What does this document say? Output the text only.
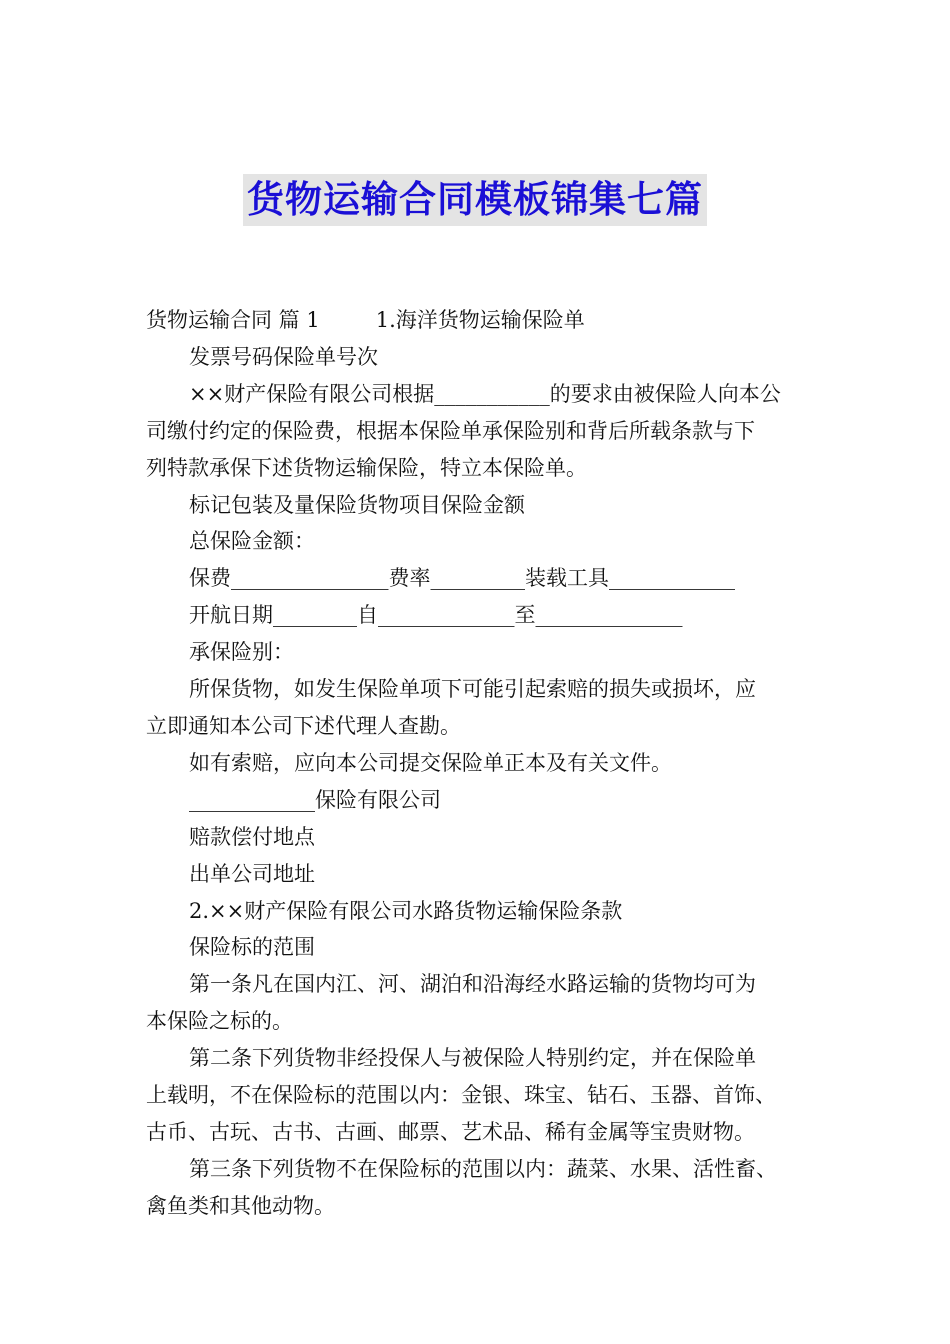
货物运输合同模板锦集七篇

货物运输合同 篇 1	1.海洋货物运输保险单

发票号码保险单号次

××财产保险有限公司根据___________的要求由被保险人向本公

司缴付约定的保险费，根据本保险单承保险别和背后所载条款与下

列特款承保下述货物运输保险，特立本保险单。

标记包装及量保险货物项目保险金额

总保险金额：

保费_______________费率_________装载工具____________

开航日期________自_____________至______________

承保险别：

所保货物，如发生保险单项下可能引起索赔的损失或损坏，应

立即通知本公司下述代理人查勘。

如有索赔，应向本公司提交保险单正本及有关文件。

____________保险有限公司

赔款偿付地点

出单公司地址

2.××财产保险有限公司水路货物运输保险条款

保险标的范围

第一条凡在国内江、河、湖泊和沿海经水路运输的货物均可为

本保险之标的。

第二条下列货物非经投保人与被保险人特别约定，并在保险单

上载明，不在保险标的范围以内：金银、珠宝、钻石、玉器、首饰、

古币、古玩、古书、古画、邮票、艺术品、稀有金属等宝贵财物。

第三条下列货物不在保险标的范围以内：蔬菜、水果、活性畜、

禽鱼类和其他动物。
